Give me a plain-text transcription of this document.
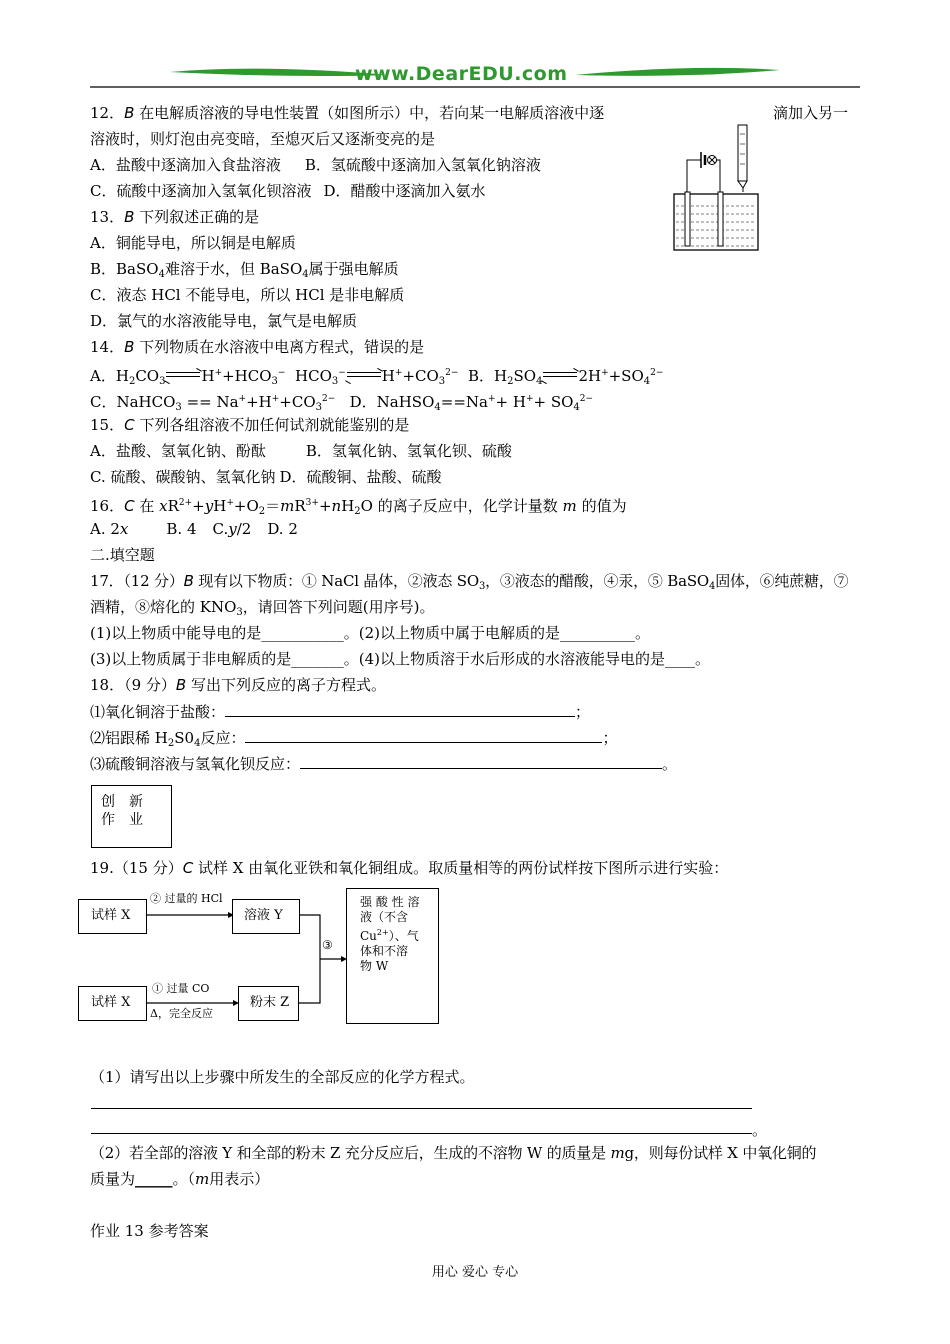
www.DearEDU.com
12．B 在电解质溶液的导电性装置（如图所示）中，若向某一电解质溶液中逐	滴加入另一
溶液时，则灯泡由亮变暗，至熄灭后又逐渐变亮的是
A．盐酸中逐滴加入食盐溶液 B．氢硫酸中逐滴加入氢氧化钠溶液
C．硫酸中逐滴加入氢氧化钡溶液 D．醋酸中逐滴加入氨水
13．B 下列叙述正确的是
A．铜能导电，所以铜是电解质
B．BaSO$_4$难溶于水，但 BaSO$_4$属于强电解质
C．液态 HCl 不能导电，所以 HCl 是非电解质
D．氯气的水溶液能导电，氯气是电解质
14．B 下列物质在水溶液中电离方程式，错误的是
A．$H_2CO_3$ $H^++HCO_3^-$  $HCO_3^-$ $H^++CO_3^{2-}$ B．$H_2SO_4$ $2H^++SO_4^{2-}$
C．NaHCO$_3$ == $Na^++H^++CO_3^{2-}$ D．NaHSO$_4$==Na++ $H^++ SO_4^{2-}$
15．C 下列各组溶液不加任何试剂就能鉴别的是
A．盐酸、氢氧化钠、酚酞	B．氢氧化钠、氢氧化钡、硫酸
C. 硫酸、碳酸钠、氢氧化钠 D．硫酸铜、盐酸、硫酸
16．C 在 $xR^{2+}+yH^++O_2=mR^{3+}+nH_2O$ 的离子反应中，化学计量数 m 的值为
A. 2x	B. 4 C.y/2 D. 2
二.填空题
17．（12 分）B 现有以下物质：① NaCl 晶体，②液态 $SO_3$，③液态的醋酸，④汞，⑤ BaSO$_4$固体，⑥纯蔗糖，⑦
酒精，⑧熔化的 $KNO_3$，请回答下列问题(用序号)。
(1)以上物质中能导电的是___________。(2)以上物质中属于电解质的是__________。
(3)以上物质属于非电解质的是_______。(4)以上物质溶于水后形成的水溶液能导电的是____。
18．（9 分）B 写出下列反应的离子方程式。
⑴氧化铜溶于盐酸：	；
⑵铝跟稀 $H_2S0_4$反应：	；
⑶硫酸铜溶液与氢氧化钡反应：	。
创　新
作　业
19.（15 分）C 试样 X 由氧化亚铁和氧化铜组成。取质量相等的两份试样按下图所示进行实验：
试样 X
② 过量的 HCl
溶液 Y
试样 X
① 过量 CO
Δ，完全反应
粉末 Z
③
强 酸 性 溶
液（不含
$Cu^{2+}$）、气
体和不溶
物 W
（1）请写出以上步骤中所发生的全部反应的化学方程式。
。
（2）若全部的溶液 Y 和全部的粉末 Z 充分反应后，生成的不溶物 W 的质量是 mg，则每份试样 X 中氧化铜的
质量为_____。（m用表示）
作业 13 参考答案
用心 爱心 专心
